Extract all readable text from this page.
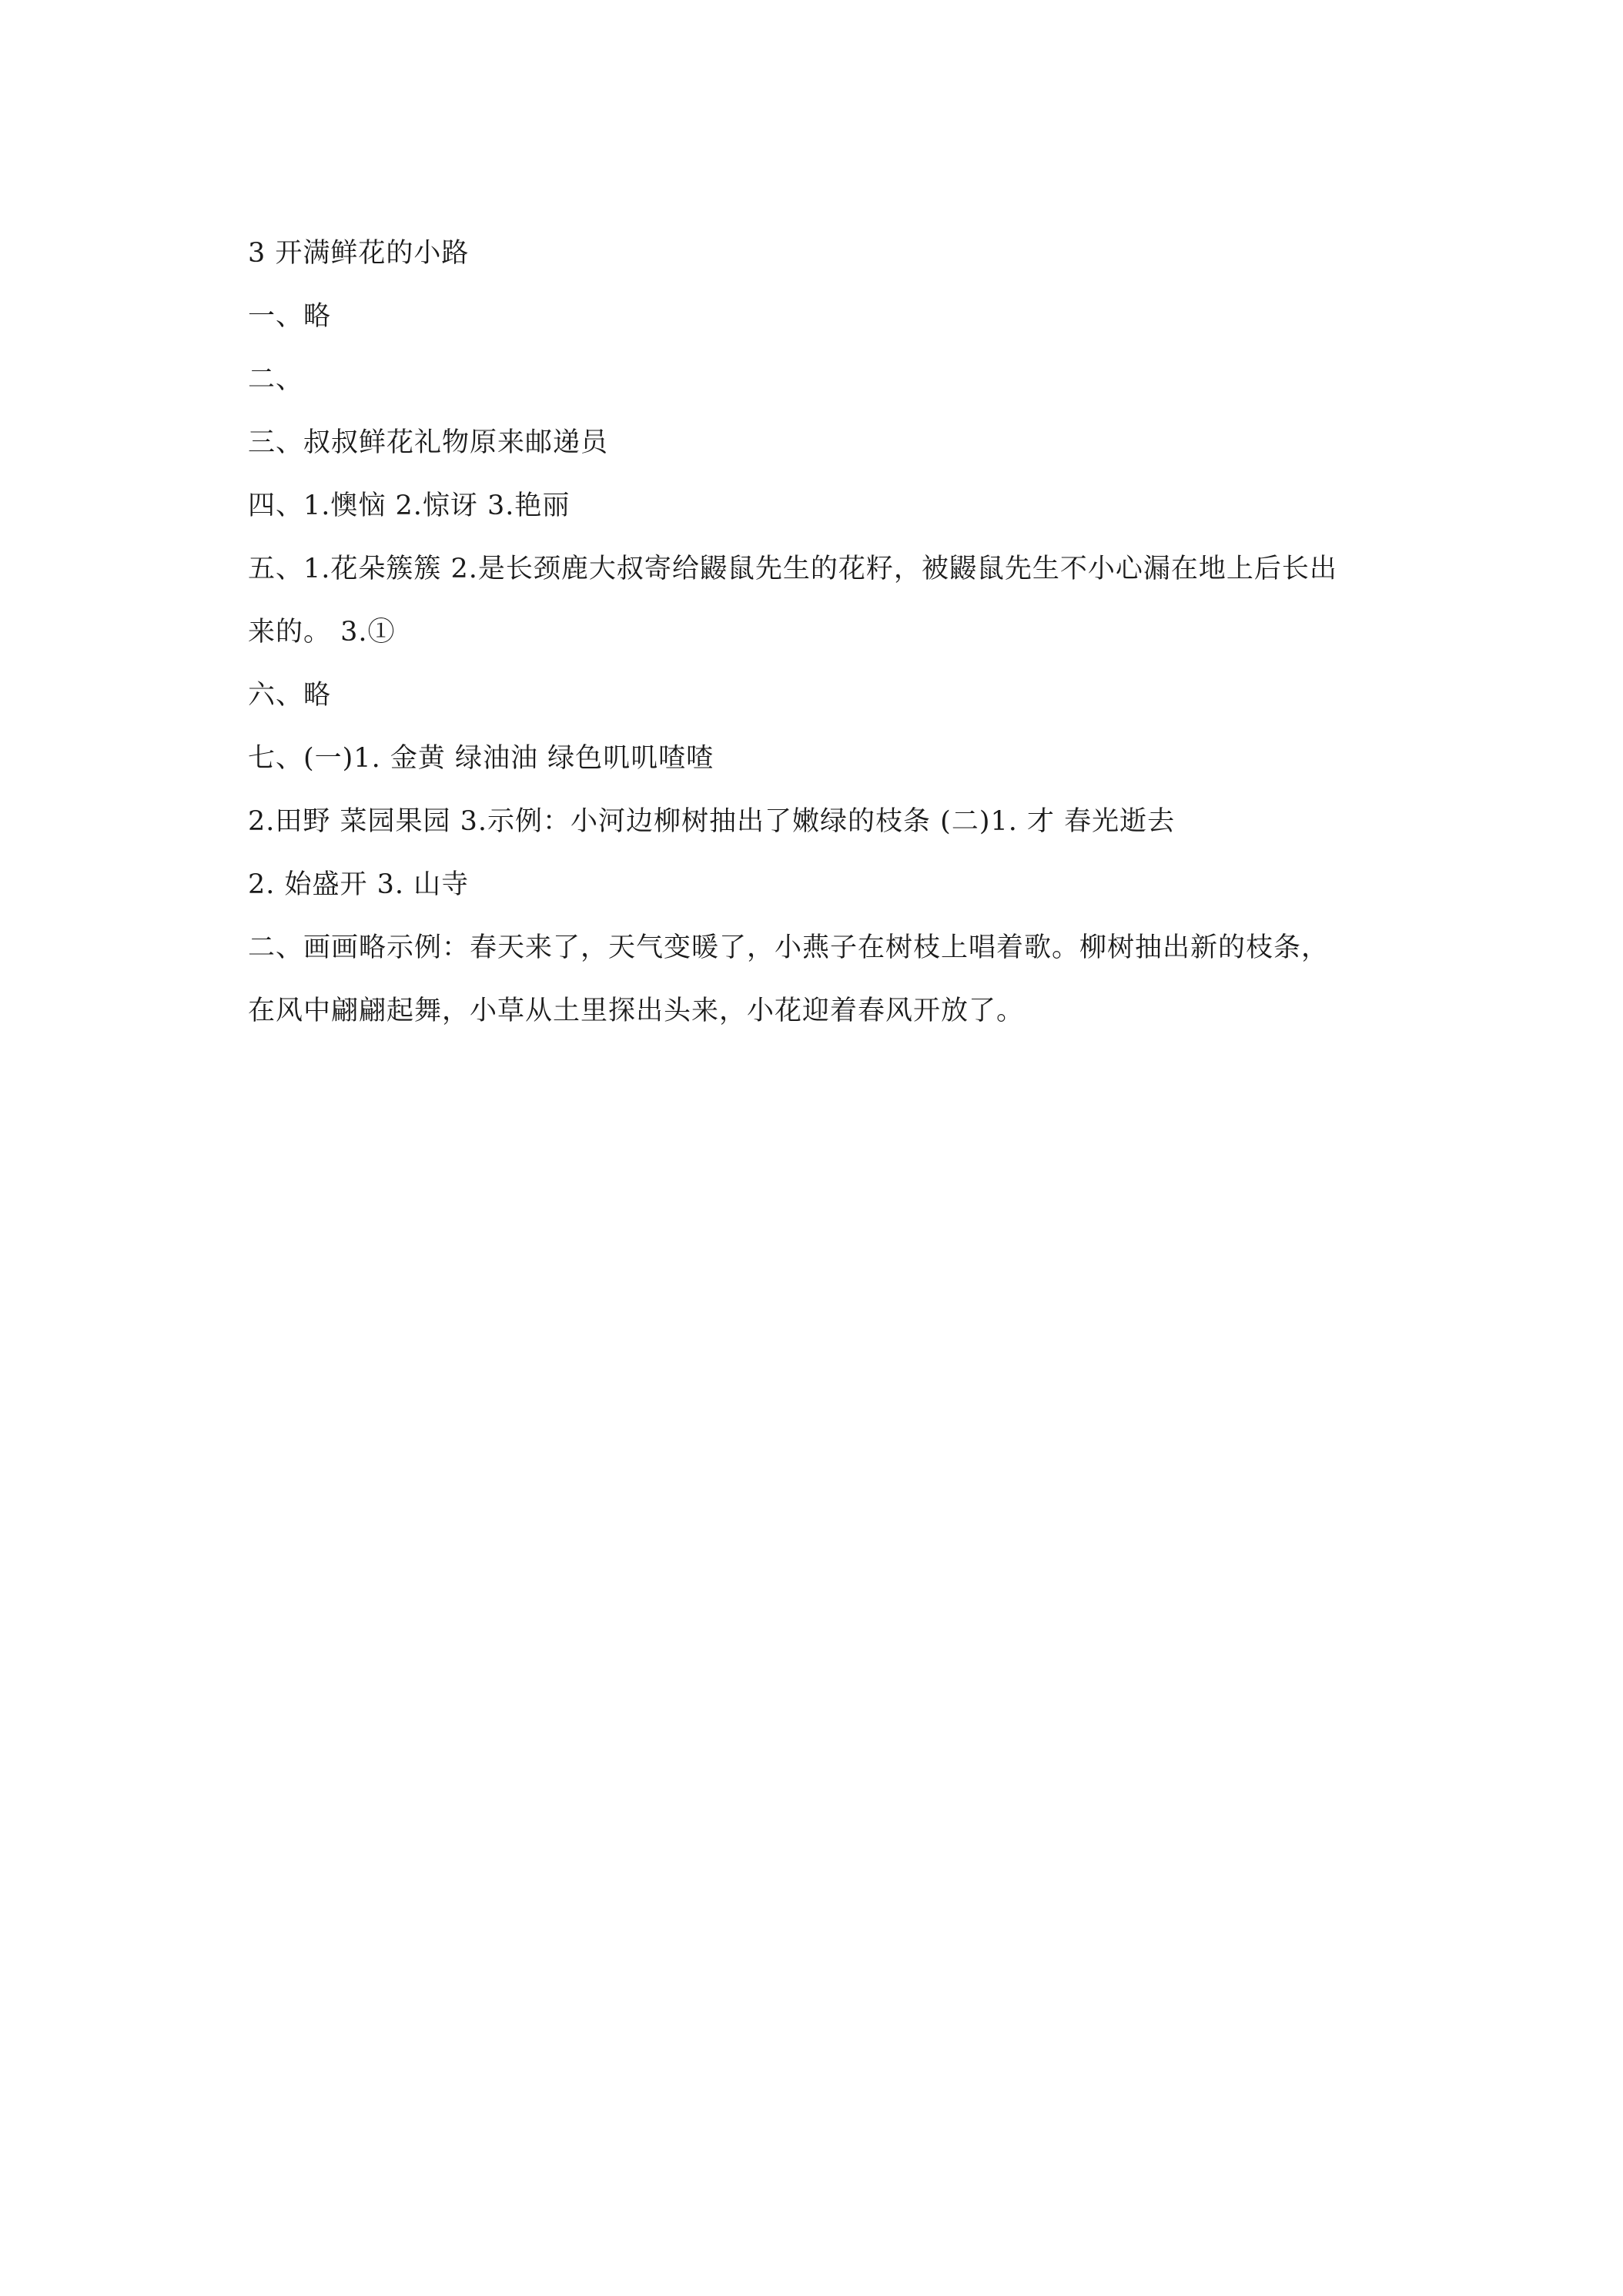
3 开满鲜花的小路
一、略
二、
三、叔叔鲜花礼物原来邮递员
四、1.懊恼 2.惊讶 3.艳丽
五、1.花朵簇簇 2.是长颈鹿大叔寄给鼹鼠先生的花籽，被鼹鼠先生不小心漏在地上后长出
来的。 3.①
六、略
七、(一)1. 金黄 绿油油 绿色叽叽喳喳
2.田野 菜园果园 3.示例：小河边柳树抽出了嫩绿的枝条 (二)1. 才 春光逝去
2. 始盛开 3. 山寺
二、画画略示例：春天来了，天气变暖了，小燕子在树枝上唱着歌。柳树抽出新的枝条，
在风中翩翩起舞，小草从土里探出头来，小花迎着春风开放了。
